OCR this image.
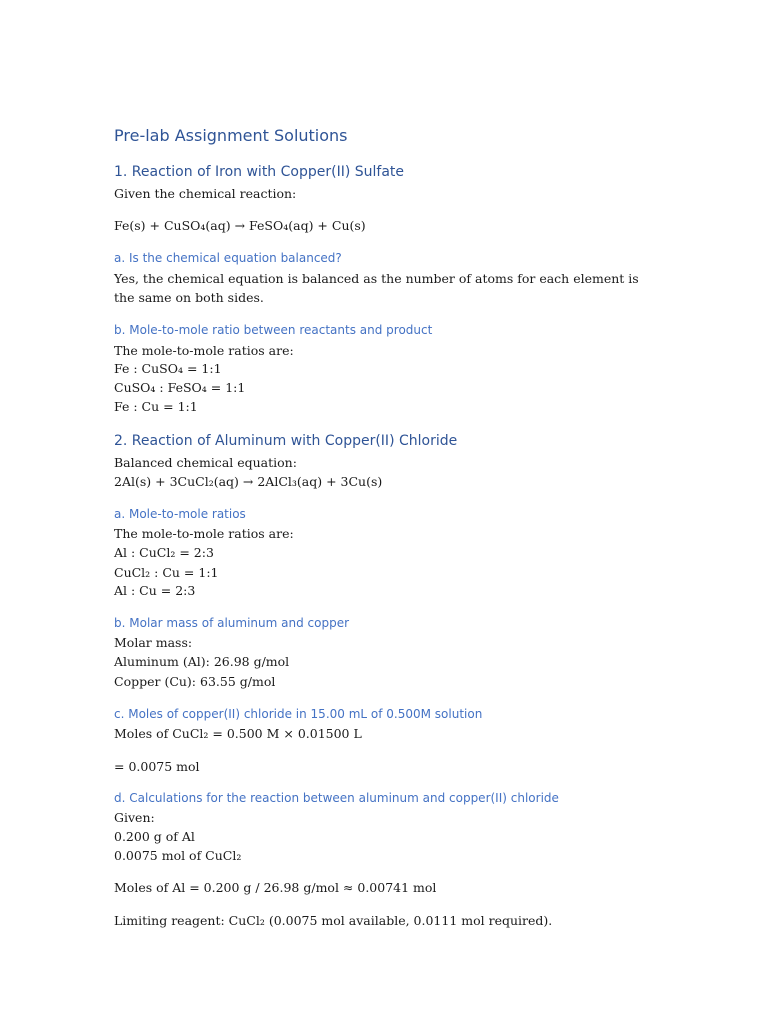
Pre-lab Assignment Solutions
1. Reaction of Iron with Copper(II) Sulfate

Given the chemical reaction:

Fe(s) + CuSO₄(aq) → FeSO₄(aq) + Cu(s)

a. Is the chemical equation balanced?

Yes, the chemical equation is balanced as the number of atoms for each element is the same on both sides.

b. Mole-to-mole ratio between reactants and product

The mole-to-mole ratios are:

Fe : CuSO₄ = 1:1

CuSO₄ : FeSO₄ = 1:1

Fe : Cu = 1:1

2. Reaction of Aluminum with Copper(II) Chloride

Balanced chemical equation:

2Al(s) + 3CuCl₂(aq) → 2AlCl₃(aq) + 3Cu(s)

a. Mole-to-mole ratios

The mole-to-mole ratios are:

Al : CuCl₂ = 2:3

CuCl₂ : Cu = 1:1

Al : Cu = 2:3

b. Molar mass of aluminum and copper

Molar mass:

Aluminum (Al): 26.98 g/mol

Copper (Cu): 63.55 g/mol

c. Moles of copper(II) chloride in 15.00 mL of 0.500M solution

Moles of CuCl₂ = 0.500 M × 0.01500 L

= 0.0075 mol

d. Calculations for the reaction between aluminum and copper(II) chloride

Given:

0.200 g of Al

0.0075 mol of CuCl₂

Moles of Al = 0.200 g / 26.98 g/mol ≈ 0.00741 mol

Limiting reagent: CuCl₂ (0.0075 mol available, 0.0111 mol required).
